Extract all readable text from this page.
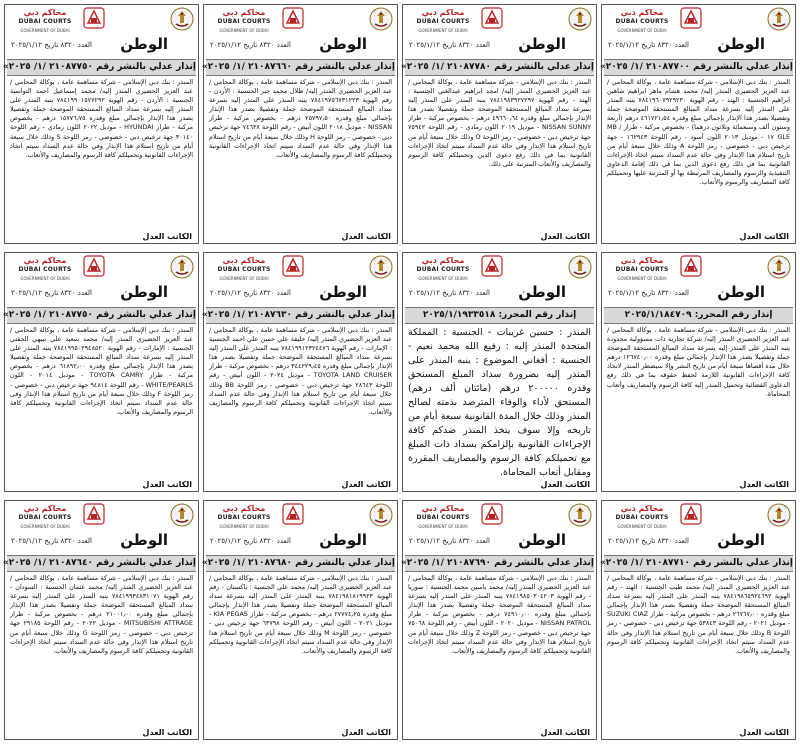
محاكم دبي
DUBAI COURTS
GOVERNMENT OF DUBAI
الوطن
العدد ٨٣٢٠ تاريخ ٢٠٢٥/١/١٢
إنذار عدلي بالنشر رقم ٢١٠٨٧٧٠٠ /١/ ٢٠٢٥»

المنذر : بنك دبي الإسلامي - شركة مساهمة عامة ، بوكالة المحامي / عبد العزيز الحضيري المنذر إليه/ محمد هشام ماهر ابراهيم شاهين ابراهيم الجنسية : الهند - رقم الهوية ٧٨٤١٩٦٠٧٩٢٩٢٣٠ ينبه المنذر على المنذر إليه بسرعة سداد المبالغ المستحقة الموضحة جملة وتفصيلا بصدر هذا الإنذار بإجمالي مبلغ وقدره ٤٦١٧٢١٫٥٤ درهم (أربعة وستون ألف وسبعمائة وثلاثون درهما) - بخصوص مركبة - طراز MB / GLE ١٧ - موديل ٢٠١٣ اللون أسود - رقم اللوحة ١٦٢٩٤٣ - جهة ترخيص دبي - خصوصي - رمز اللوحة A وذلك خلال سبعة أيام من تاريخ استلام هذا الإنذار وفي حالة عدم السداد سيتم اتخاذ الإجراءات القانونية بما في ذلك رفع دعوى الدين بما في ذلك إقامة الدعاوى التنفيذية والرسوم والمصاريف المرتبطة بها أو المترتبة عليها وتحميلكم كافة المصاريف والرسوم والأتعاب.

الكاتب العدل
محاكم دبي
DUBAI COURTS
GOVERNMENT OF DUBAI
الوطن
العدد ٨٣٢٠ تاريخ ٢٠٢٥/١/١٢
إنذار عدلي بالنشر رقم ٢١٠٨٧٧٨٠ /١/ ٢٠٢٥»

المنذر : بنك دبي الإسلامي - شركة مساهمة عامة ، بوكالة المحامي / عبد العزيز الحضيري المنذر إليه/ امجد ابراهيم عبدالغني الجنسية : الهند - رقم الهوية ٧٨٤١٩٨٣٩٢٧٢٩٧ ينبه المنذر على المنذر إليه بسرعة سداد المبالغ المستحقة الموضحة جملة وتفصيلا بصدر هذا الإنذار بإجمالي مبلغ وقدره ٤٩٦٦٠٫٦٤ درهم - بخصوص مركبة - طراز NISSAN SUNNY - موديل ٢٠١٩ اللون رمادي - رقم اللوحة ٧٥٩٤٢ جهة ترخيص دبي - خصوصي - رمز اللوحة O وذلك خلال سبعة أيام من تاريخ استلام هذا الإنذار وفي حالة عدم السداد سيتم اتخاذ الإجراءات القانونية بما في ذلك رفع دعوى الدين وتحميلكم كافة الرسوم والمصاريف والأتعاب المترتبة على ذلك.

الكاتب العدل
محاكم دبي
DUBAI COURTS
GOVERNMENT OF DUBAI
الوطن
العدد ٨٣٢٠ تاريخ ٢٠٢٥/١/١٢
إنذار عدلي بالنشر رقم ٢١٠٨٧٦٦٠ /١/ ٢٠٢٥»

المنذر : بنك دبي الإسلامي - شركة مساهمة عامة ، بوكالة المحامي / عبد العزيز الحضيري المنذر إليه/ طلال محمد جبر الجنسية : الأردن - رقم الهوية ٧٨٤١٩٧٥٦٧٣١٢٢٣ ينبه المنذر على المنذر إليه بسرعة سداد المبالغ المستحقة الموضحة جملة وتفصيلا بصدر هذا الإنذار بإجمالي مبلغ وقدره ٢٥٧٩٧٫٥٠ درهم - بخصوص مركبة - طراز NISSAN - موديل ٢٠١٨ اللون أبيض - رقم اللوحة ٧٤٦٣٨ جهة ترخيص دبي - خصوصي - رمز اللوحة H وذلك خلال سبعة أيام من تاريخ استلام هذا الإنذار وفي حالة عدم السداد سيتم اتخاذ الإجراءات القانونية وتحميلكم كافة الرسوم والمصاريف والأتعاب.

الكاتب العدل
محاكم دبي
DUBAI COURTS
GOVERNMENT OF DUBAI
الوطن
العدد ٨٣٢٠ تاريخ ٢٠٢٥/١/١٢
إنذار عدلي بالنشر رقم ٢١٠٨٧٧٥٠ /١/ ٢٠٢٥»

المنذر : بنك دبي الإسلامي - شركة مساهمة عامة ، بوكالة المحامي / عبد العزيز الحضيري المنذر إليه/ محمد إسماعيل احمد التوانسة الجنسية : الأردن - رقم الهوية ٧٨٤١٩٩٠١٥٧٧٢٩٢ ينبه المنذر على المنذر إليه بسرعة سداد المبالغ المستحقة الموضحة جملة وتفصيلا بصدر هذا الإنذار بإجمالي مبلغ وقدره ١٥٧٧٦٫٧٥ درهم - بخصوص مركبة - طراز HYUNDAI - موديل ٢٠٢٢ اللون رمادي - رقم اللوحة ٣٠١٤٠ جهة ترخيص دبي - خصوصي - رمز اللوحة S وذلك خلال سبعة أيام من تاريخ استلام هذا الإنذار وفي حالة عدم السداد سيتم اتخاذ الإجراءات القانونية وتحميلكم كافة الرسوم والمصاريف والأتعاب.

الكاتب العدل
محاكم دبي
DUBAI COURTS
GOVERNMENT OF DUBAI
الوطن
العدد ٨٣٢٠ تاريخ ٢٠٢٥/١/١٢
إنذار رقم المحرر: ٢٠٢٥/١/١٨٤٧٠٩

المنذر : بنك دبي الإسلامي - شركة مساهمة عامة ، بوكالة المحامي / عبد العزيز الحضيري المنذر إليه/ شركة تجارية ذات مسؤولية محدودة ينبه المنذر على المنذر إليه بسرعة سداد المبالغ المستحقة الموضحة جملة وتفصيلا بصدر هذا الإنذار بإجمالي مبلغ وقدره ١٢٦٧٤٠٫٠٠ درهم خلال مدة أقصاها سبعة أيام من تاريخ النشر وإلا سيضطر المنذر لاتخاذ كافة الإجراءات القانونية اللازمة لحفظ حقوقه بما في ذلك رفع الدعاوى القضائية وتحميل المنذر إليه كافة الرسوم والمصاريف وأتعاب المحاماة.

الكاتب العدل
محاكم دبي
DUBAI COURTS
GOVERNMENT OF DUBAI
الوطن
العدد ٨٣٢٠ تاريخ ٢٠٢٥/١/١٢
إنذار رقم المحرر: ٢٠٢٥/١/١٩٣٣٥١٨

المنذر : حسين غريبات - الجنسية : المملكة المتحدة المنذر إليه : رفيع الله محمد نعيم - الجنسية : أفغاني الموضوع : ينبه المنذر على المنذر إليه بضرورة سداد المبلغ المستحق وقدره ٢٠٠٠٠٠ درهم (مائتان ألف درهم) المستحق لأداء والوفاء المترصد بذمته لصالح المنذر وذلك خلال المدة القانونية سبعة أيام من تاريخه وإلا سوف يتخذ المنذر ضدكم كافة الإجراءات القانونية بإلزامكم بسداد ذات المبلغ مع تحميلكم كافة الرسوم والمصاريف المقررة ومقابل أتعاب المحاماة.

الكاتب العدل
محاكم دبي
DUBAI COURTS
GOVERNMENT OF DUBAI
الوطن
العدد ٨٣٢٠ تاريخ ٢٠٢٥/١/١٢
إنذار عدلي بالنشر رقم ٢١٠٨٧٦٣٠ /١/ ٢٠٢٥»

المنذر : بنك دبي الإسلامي - شركة مساهمة عامة ، بوكالة المحامي / عبد العزيز الحضيري المنذر إليه/ خليفة علي حسن علي احمد الجنسية : الإمارات - رقم الهوية ٧٨٤١٩٩١٢٣٢٤٤٧٦ ينبه المنذر على المنذر إليه بسرعة سداد المبالغ المستحقة الموضحة جملة وتفصيلا بصدر هذا الإنذار بإجمالي مبلغ وقدره ٣٤٤٢٢٩٫٤٥ درهم - بخصوص مركبة - طراز TOYOTA LAND CRUISER - موديل ٢٠٢٤ - اللون أبيض - رقم اللوحة ٢٨٦٤٣ جهة ترخيص دبي - خصوصي - رمز اللوحة BB وذلك خلال سبعة أيام من تاريخ استلام هذا الإنذار وفي حالة عدم السداد سيتم اتخاذ الإجراءات القانونية وتحميلكم كافة الرسوم والمصاريف والأتعاب.

الكاتب العدل
محاكم دبي
DUBAI COURTS
GOVERNMENT OF DUBAI
الوطن
العدد ٨٣٢٠ تاريخ ٢٠٢٥/١/١٢
إنذار عدلي بالنشر رقم ٢١٠٨٧٧٥٠ /١/ ٢٠٢٥»

المنذر : بنك دبي الإسلامي - شركة مساهمة عامة ، بوكالة المحامي / عبد العزيز الحضيري المنذر إليه/ محمد سعيد علي نبيهي الحفني الجنسية : الإمارات - رقم الهوية ٧٨٤١٩٩٥٠٢٩٤٨٥٢٠ ينبه المنذر على المنذر إليه بسرعة سداد المبالغ المستحقة الموضحة جملة وتفصيلا بصدر هذا الإنذار بإجمالي مبلغ وقدره ٦١٨٩٢٫٠٠ درهم - بخصوص مركبة - طراز TOYOTA CAMRY - موديل ٢٠١٤ - اللون WHITE/PEARLS - رقم اللوحة ٩٤٨١٤ جهة ترخيص دبي - خصوصي - رمز اللوحة F وذلك خلال سبعة أيام من تاريخ استلام هذا الإنذار وفي حالة عدم السداد سيتم اتخاذ الإجراءات القانونية وتحميلكم كافة الرسوم والمصاريف والأتعاب.

الكاتب العدل
محاكم دبي
DUBAI COURTS
GOVERNMENT OF DUBAI
الوطن
العدد ٨٣٢٠ تاريخ ٢٠٢٥/١/١٢
إنذار عدلي بالنشر رقم ٢١٠٨٧٧١٠ /١/ ٢٠٢٥»

المنذر : بنك دبي الإسلامي - شركة مساهمة عامة ، بوكالة المحامي / عبد العزيز الحضيري المنذر إليه/ محمد طيب الجنسية : الهند - رقم الهوية ٧٨٤١٩٨٦٥٩٢٤٦٩٢ ينبه المنذر على المنذر إليه بسرعة سداد المبالغ المستحقة الموضحة جملة وتفصيلا بصدر هذا الإنذار بإجمالي مبلغ وقدره ٢٦٧٦٧٫٠٠ درهم - بخصوص مركبة - طراز SUZUKI CIAZ - موديل ٢٠٢١ - رقم اللوحة ٥٣٨٤٣ جهة ترخيص دبي - خصوصي - رمز اللوحة B وذلك خلال سبعة أيام من تاريخ استلام هذا الإنذار وفي حالة عدم السداد سيتم اتخاذ الإجراءات القانونية وتحميلكم كافة الرسوم والمصاريف والأتعاب.

الكاتب العدل
محاكم دبي
DUBAI COURTS
GOVERNMENT OF DUBAI
الوطن
العدد ٨٣٢٠ تاريخ ٢٠٢٥/١/١٢
إنذار عدلي بالنشر رقم ٢١٠٨٧٦٩٠ /١/ ٢٠٢٥»

المنذر : بنك دبي الإسلامي - شركة مساهمة عامة ، بوكالة المحامي / عبد العزيز الحضيري المنذر إليه/ محمد ياسين محمد الجنسية : سوريا - رقم الهوية ٧٨٤١٩٨٥٠٣٠٤٢٠٣ ينبه المنذر على المنذر إليه بسرعة سداد المبالغ المستحقة الموضحة جملة وتفصيلا بصدر هذا الإنذار بإجمالي مبلغ وقدره ٧٤٩١٠٫٠٠ درهم - بخصوص مركبة - طراز NISSAN PATROL - موديل ٢٠٢٠ - اللون أبيض - رقم اللوحة ٧٥٠٦٨ جهة ترخيص دبي - خصوصي - رمز اللوحة Z وذلك خلال سبعة أيام من تاريخ استلام هذا الإنذار وفي حالة عدم السداد سيتم اتخاذ الإجراءات القانونية وتحميلكم كافة الرسوم والمصاريف والأتعاب.

الكاتب العدل
محاكم دبي
DUBAI COURTS
GOVERNMENT OF DUBAI
الوطن
العدد ٨٣٢٠ تاريخ ٢٠٢٥/١/١٢
إنذار عدلي بالنشر رقم ٢١٠٨٧٦٨٠ /١/ ٢٠٢٥»

المنذر : بنك دبي الإسلامي - شركة مساهمة عامة ، بوكالة المحامي / عبد العزيز الحضيري المنذر إليه/ محمد علي الجنسية : باكستان - رقم الهوية ٧٨٤١٩٨١٨١٩٩٢٣ ينبه المنذر على المنذر إليه بسرعة سداد المبالغ المستحقة الموضحة جملة وتفصيلا بصدر هذا الإنذار بإجمالي مبلغ وقدره ٢٧٧٧٤٫٢٥ درهم - بخصوص مركبة - طراز KIA PEGAS - موديل ٢٠٢١ - اللون أبيض - رقم اللوحة ٦٣٧٩٨ جهة ترخيص دبي - خصوصي - رمز اللوحة M وذلك خلال سبعة أيام من تاريخ استلام هذا الإنذار وفي حالة عدم السداد سيتم اتخاذ الإجراءات القانونية وتحميلكم كافة الرسوم والمصاريف والأتعاب.

الكاتب العدل
محاكم دبي
DUBAI COURTS
GOVERNMENT OF DUBAI
الوطن
العدد ٨٣٢٠ تاريخ ٢٠٢٥/١/١٢
إنذار عدلي بالنشر رقم ٢١٠٨٧٦٤٠ /١/ ٢٠٢٥»

المنذر : بنك دبي الإسلامي - شركة مساهمة عامة ، بوكالة المحامي / عبد العزيز الحضيري المنذر إليه/ محمد عثمان الجنسية : السودان - رقم الهوية ٧٨٤١٩٩٣٤٨٣١٠٧١ ينبه المنذر على المنذر إليه بسرعة سداد المبالغ المستحقة الموضحة جملة وتفصيلا بصدر هذا الإنذار بإجمالي مبلغ وقدره ٢١٠٠١٫٠٠ درهم - بخصوص مركبة - طراز MITSUBISHI ATTRAGE - موديل ٢٠٢٢ - رقم اللوحة ٢٩١٨٥ جهة ترخيص دبي - خصوصي - رمز اللوحة G وذلك خلال سبعة أيام من تاريخ استلام هذا الإنذار وفي حالة عدم السداد سيتم اتخاذ الإجراءات القانونية وتحميلكم كافة الرسوم والمصاريف والأتعاب.

الكاتب العدل
